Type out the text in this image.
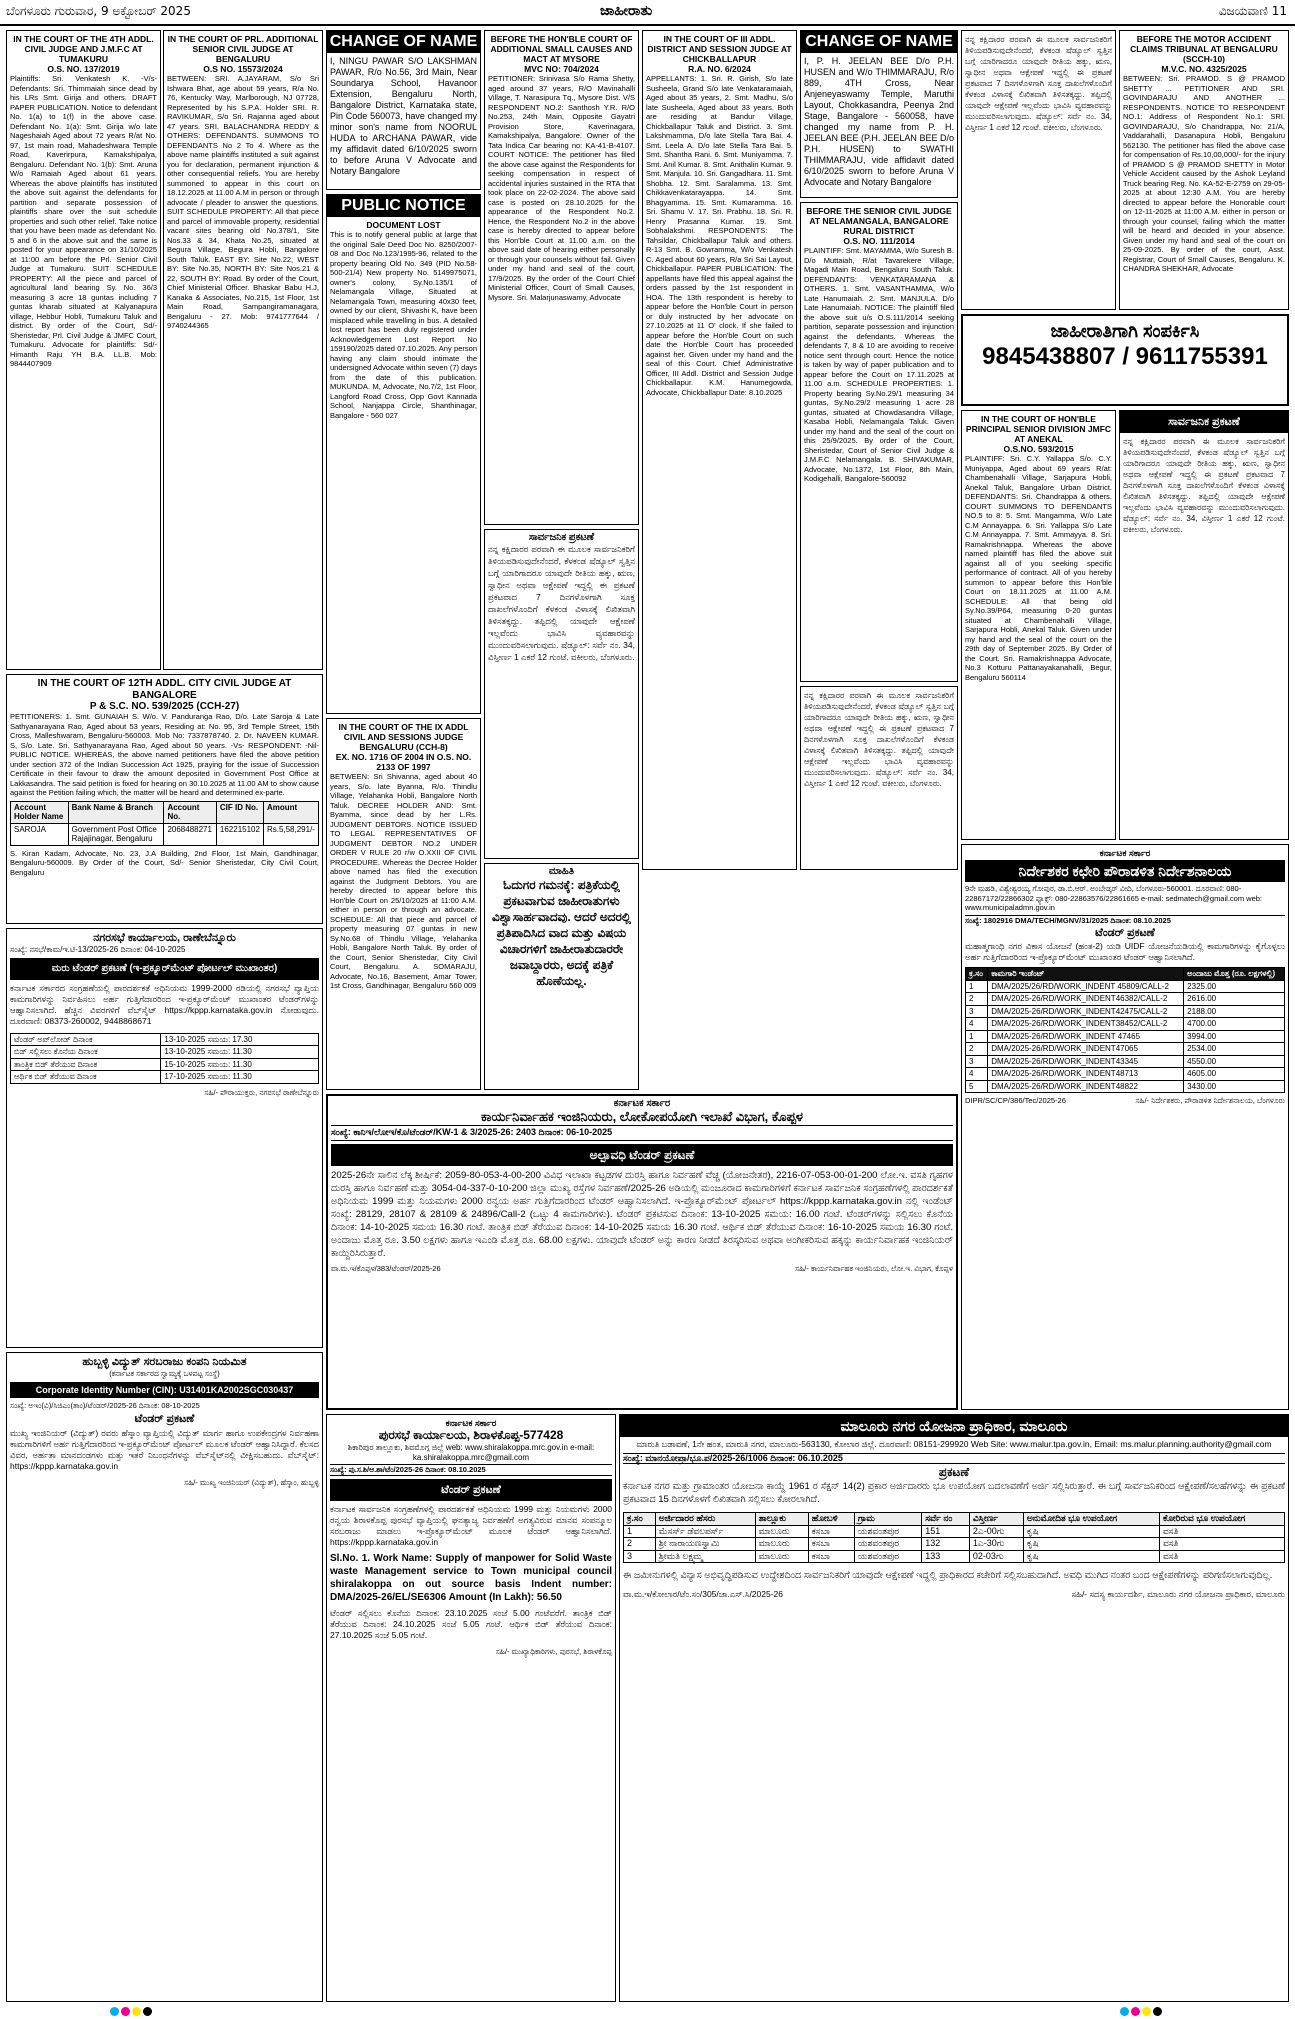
ಬೆಂಗಳೂರು ಗುರುವಾರ, 9 ಅಕ್ಟೋಬರ್ 2025	ಜಾಹೀರಾತು	ವಿಜಯವಾಣಿ 11
IN THE COURT OF THE 4TH ADDL. CIVIL JUDGE AND J.M.F.C AT TUMAKURU
O.S. NO. 137/2019
Plaintiffs: Sri. Venkatesh K. -V/s- Defendants: Sri. Thimmaiah since dead by his LRs Smt. Girija and others. DRAFT PAPER PUBLICATION. Notice to defendant No. 1(a) to 1(f) in the above case. Defendant No. 1(a): Smt. Girija w/o late Nageshaiah Aged about 72 years R/at No. 97, 1st main road, Mahadeshwara Temple Road, Kaverirpura, Kamakshipalya, Bengaluru. Defendant No. 1(b): Smt. Aruna W/o Ramaiah Aged about 61 years. Whereas the above plaintiffs has instituted the above suit against the defendants for partition and separate possession of plaintiffs share over the suit schedule properties and such other relief. Take notice that you have been made as defendant No. 5 and 6 in the above suit and the same is posted for your appearance on 31/10/2025 at 11:00 am before the Prl. Senior Civil Judge at Tumakuru. SUIT SCHEDULE PROPERTY: All the piece and parcel of agricultural land bearing Sy. No. 36/3 measuring 3 acre 18 guntas including 7 guntas kharab situated at Kalyanapura village, Hebbur Hobli, Tumakuru Taluk and district. By order of the Court, Sd/- Sheristedar, Prl. Civil Judge & JMFC Court, Tumakuru. Advocate for plaintiffs: Sd/- Himanth Raju YH B.A. LL.B. Mob: 9844407909
IN THE COURT OF PRL. ADDITIONAL SENIOR CIVIL JUDGE AT BENGALURU
O.S NO. 15573/2024
BETWEEN: SRI. A.JAYARAM, S/o Sri Ishwara Bhat, age about 59 years, R/a No. 76, Kentucky Way, Marlborough, NJ 07728, Represented by his S.P.A. Holder SRI. R. RAVIKUMAR, S/o Sri. Rajanna aged about 47 years. SRI. BALACHANDRA REDDY & OTHERS: DEFENDANTS. SUMMONS TO DEFENDANTS No 2 To 4. Where as the above name plaintiffs instituted a suit against you for declaration, permanent injunction & other consequential reliefs. You are hereby summoned to appear in this court on 18.12.2025 at 11.00 A.M in person or through advocate / pleader to answer the questions. SUIT SCHEDULE PROPERTY: All that piece and parcel of immovable property, residential vacant sites bearing old No.378/1, Site Nos.33 & 34, Khata No.25, situated at Begura Village, Begura Hobli, Bangalore South Taluk. EAST BY: Site No.22, WEST BY: Site No.35, NORTH BY: Site Nos.21 & 22, SOUTH BY: Road. By order of the Court, Chief Ministerial Officer. Bhaskar Babu H.J, Kanaka & Associates, No.215, 1st Floor, 1st Main Road, Sampangiramanagara, Bengaluru - 27. Mob: 9741777644 / 9740244365
IN THE COURT OF 12TH ADDL. CITY CIVIL JUDGE AT BANGALORE
P & S.C. NO. 539/2025 (CCH-27)
PETITIONERS: 1. Smt. GUNAIAH S. W/o. V. Panduranga Rao, D/o. Late Saroja & Late Sathyanarayana Rao, Aged about 53 years, Residing at: No. 95, 3rd Temple Street, 15th Cross, Malleshwaram, Bengaluru-560003. Mob No: 7337878740. 2. Dr. NAVEEN KUMAR. S, S/o. Late. Sri. Sathyanarayana Rao, Aged about 50 years. -Vs- RESPONDENT: -Nil- PUBLIC NOTICE. WHEREAS, the above named petitioners have filed the above petition under section 372 of the Indian Succession Act 1925, praying for the issue of Succession Certificate in their favour to draw the amount deposited in Government Post Office at Lakkasandra. The said petition is fixed for hearing on 30.10.2025 at 11.00 AM to show cause against the Petition failing which, the matter will be heard and determined ex-parte.
Account Holder Name	Bank Name & Branch	Account No.	CIF ID No.	Amount
SAROJA	Government Post Office Rajajinagar, Bengaluru	2068488271	162215102	Rs.5,58,291/-
S. Kiran Kadam, Advocate, No. 23, J.A Building, 2nd Floor, 1st Main, Gandhinagar, Bengaluru-560009. By Order of the Court, Sd/- Senior Sheristedar, City Civil Court, Bengaluru
ನಗರಸಭೆ ಕಾರ್ಯಾಲಯ, ರಾಣೇಬೆನ್ನೂರು
ಸಂಖ್ಯೆ: ನಸಭೆ/ಕಾಮ/ಇ.ಟಿ-13/2025-26 ದಿನಾಂಕ: 04-10-2025
ಮರು ಟೆಂಡರ್ ಪ್ರಕಟಣೆ (ಇ-ಪ್ರಕ್ಯೂರ್‌ಮೆಂಟ್ ಪೋರ್ಟಲ್ ಮುಖಾಂತರ)
ಕರ್ನಾಟಕ ಸರ್ಕಾರದ ಸಂಗ್ರಹಣೆಯಲ್ಲಿ ಪಾರದರ್ಶಕತೆ ಅಧಿನಿಯಮ 1999-2000 ರಡಿಯಲ್ಲಿ ನಗರಸಭೆ ವ್ಯಾಪ್ತಿಯ ಕಾಮಗಾರಿಗಳನ್ನು ನಿರ್ವಹಿಸಲು ಅರ್ಹ ಗುತ್ತಿಗೆದಾರರಿಂದ ಇ-ಪ್ರಕ್ಯೂರ್‌ಮೆಂಟ್ ಮುಖಾಂತರ ಟೆಂಡರ್‌ಗಳನ್ನು ಆಹ್ವಾನಿಸಲಾಗಿದೆ. ಹೆಚ್ಚಿನ ವಿವರಗಳಿಗೆ ವೆಬ್‌ಸೈಟ್ https://kppp.karnataka.gov.in ನೋಡುವುದು. ದೂರವಾಣಿ: 08373-260002, 9448868671
ಟೆಂಡರ್ ಅಪ್‌ಲೋಡ್ ದಿನಾಂಕ	13-10-2025 ಸಮಯ: 17.30
ಬಿಡ್ ಸಲ್ಲಿಸಲು ಕೊನೆಯ ದಿನಾಂಕ	13-10-2025 ಸಮಯ: 11.30
ತಾಂತ್ರಿಕ ಬಿಡ್ ತೆರೆಯುವ ದಿನಾಂಕ	15-10-2025 ಸಮಯ: 11.30
ಆರ್ಥಿಕ ಬಿಡ್ ತೆರೆಯುವ ದಿನಾಂಕ	17-10-2025 ಸಮಯ: 11.30
ಸಹಿ/- ಪೌರಾಯುಕ್ತರು, ನಗರಸಭೆ ರಾಣೇಬೆನ್ನೂರು
ಹುಬ್ಬಳ್ಳಿ ವಿದ್ಯುತ್ ಸರಬರಾಜು ಕಂಪನಿ ನಿಯಮಿತ
(ಕರ್ನಾಟಕ ಸರ್ಕಾರದ ಸ್ವಾಮ್ಯಕ್ಕೆ ಒಳಪಟ್ಟ ಸಂಸ್ಥೆ)
Corporate Identity Number (CIN): U31401KA2002SGC030437
ಸಂಖ್ಯೆ: ಅಇಂ(ವಿ)/ಸಿಜಿಎಂ(ತಾಂ)/ಟೆಂಡರ್/2025-26 ದಿನಾಂಕ: 08-10-2025
ಟೆಂಡರ್ ಪ್ರಕಟಣೆ
ಮುಖ್ಯ ಇಂಜಿನಿಯರ್ (ವಿದ್ಯುತ್) ರವರು ಹೆಸ್ಕಾಂ ವ್ಯಾಪ್ತಿಯಲ್ಲಿ ವಿದ್ಯುತ್ ಮಾರ್ಗ ಹಾಗೂ ಉಪಕೇಂದ್ರಗಳ ನಿರ್ವಹಣಾ ಕಾಮಗಾರಿಗಳಿಗೆ ಅರ್ಹ ಗುತ್ತಿಗೆದಾರರಿಂದ ಇ-ಪ್ರಕ್ಯೂರ್‌ಮೆಂಟ್ ಪೋರ್ಟಲ್ ಮೂಲಕ ಟೆಂಡರ್ ಆಹ್ವಾನಿಸಿದ್ದಾರೆ. ಕೆಲಸದ ವಿವರ, ಅರ್ಹತಾ ಮಾನದಂಡಗಳು ಮತ್ತು ಇತರೆ ನಿಬಂಧನೆಗಳನ್ನು ವೆಬ್‌ಸೈಟ್‌ನಲ್ಲಿ ವೀಕ್ಷಿಸಬಹುದು. ವೆಬ್‌ಸೈಟ್: https://kppp.karnataka.gov.in
ಸಹಿ/- ಮುಖ್ಯ ಇಂಜಿನಿಯರ್ (ವಿದ್ಯುತ್), ಹೆಸ್ಕಾಂ, ಹುಬ್ಬಳ್ಳಿ
CHANGE OF NAME
I, NINGU PAWAR S/O LAKSHMAN PAWAR, R/o No.56, 3rd Main, Near Soundarya School, Havanoor Extension, Bengaluru North, Bangalore District, Karnataka state, Pin Code 560073, have changed my minor son's name from NOORUL HUDA to ARCHANA PAWAR, vide my affidavit dated 6/10/2025 sworn to before Aruna V Advocate and Notary Bangalore
PUBLIC NOTICE
DOCUMENT LOST
This is to notify general public at large that the original Sale Deed Doc No. 8250/2007-08 and Doc No.123/1995-96, related to the property bearing Old No. 349 (PID No.58-500-21/4) New property No. 5149975071, owner's colony, Sy.No.135/1 of Nelamangala Village, Situated at Nelamangala Town, measuring 40x30 feet, owned by our client, Shivashi K, have been misplaced while travelling in bus. A detailed lost report has been duly registered under Acknowledgement Lost Report No 159190/2025 dated 07.10.2025. Any person having any claim should intimate the undersigned Advocate within seven (7) days from the date of this publication. MUKUNDA. M, Advocate, No.7/2, 1st Floor, Langford Road Cross, Opp Govt Kannada School, Nanjappa Circle, Shanthinagar, Bangalore - 560 027
IN THE COURT OF THE IX ADDL CIVIL AND SESSIONS JUDGE BENGALURU (CCH-8)
EX. NO. 1716 OF 2004 IN O.S. NO. 2133 OF 1997
BETWEEN: Sri Shivanna, aged about 40 years, S/o. late Byanna, R/o. Thindlu Village, Yelahanka Hobli, Bangalore North Taluk. DECREE HOLDER AND: Smt. Byamma, since dead by her L.Rs. JUDGMENT DEBTORS. NOTICE ISSUED TO LEGAL REPRESENTATIVES OF JUDGMENT DEBTOR NO.2 UNDER ORDER V RULE 20 r/w O.XXII OF CIVIL PROCEDURE. Whereas the Decree Holder above named has filed the execution against the Judgment Debtors. You are hereby directed to appear before this Hon'ble Court on 25/10/2025 at 11:00 A.M. either in person or through an advocate. SCHEDULE: All that piece and parcel of property measuring 07 guntas in new Sy.No.68 of Thindlu Village, Yelahanka Hobli, Bangalore North Taluk. By order of the Court, Senior Sheristedar, City Civil Court, Bengaluru. A. SOMARAJU, Advocate, No.16, Basement, Amar Tower, 1st Cross, Gandhinagar, Bengaluru 560 009
BEFORE THE HON'BLE COURT OF ADDITIONAL SMALL CAUSES AND MACT AT MYSORE
MVC NO: 704/2024
PETITIONER: Srinivasa S/o Rama Shetty, aged around 37 years, R/O Mavinahalli Village, T. Narasipura Tq., Mysore Dist. V/S RESPONDENT NO.2: Santhosh Y.R. R/O No.253, 24th Main, Opposite Gayatri Provision Store, Kaverinagara, Kamakshipalya, Bangalore. Owner of the Tata Indica Car bearing no: KA-41-B-4107. COURT NOTICE: The petitioner has filed the above case against the Respondents for seeking compensation in respect of accidental injuries sustained in the RTA that took place on 22-02-2024. The above said case is posted on 28.10.2025 for the appearance of the Respondent No.2. Hence, the Respondent No.2 in the above case is hereby directed to appear before this Hon'ble Court at 11.00 a.m. on the above said date of hearing either personally or through your counsels without fail. Given under my hand and seal of the court, 17/9/2025. By the order of the Court Chief Ministerial Officer, Court of Small Causes, Mysore. Sri. Malarjunaswamy, Advocate
ಸಾರ್ವಜನಿಕ ಪ್ರಕಟಣೆ
ನನ್ನ ಕಕ್ಷಿದಾರರ ಪರವಾಗಿ ಈ ಮೂಲಕ ಸಾರ್ವಜನಿಕರಿಗೆ ತಿಳಿಯಪಡಿಸುವುದೇನೆಂದರೆ, ಕೆಳಕಂಡ ಷೆಡ್ಯೂಲ್ ಸ್ವತ್ತಿನ ಬಗ್ಗೆ ಯಾರಿಗಾದರೂ ಯಾವುದೇ ರೀತಿಯ ಹಕ್ಕು, ಋಣ, ಸ್ವಾಧೀನ ಅಥವಾ ಆಕ್ಷೇಪಣೆ ಇದ್ದಲ್ಲಿ ಈ ಪ್ರಕಟಣೆ ಪ್ರಕಟವಾದ 7 ದಿನಗಳೊಳಗಾಗಿ ಸೂಕ್ತ ದಾಖಲೆಗಳೊಂದಿಗೆ ಕೆಳಕಂಡ ವಿಳಾಸಕ್ಕೆ ಲಿಖಿತವಾಗಿ ತಿಳಿಸತಕ್ಕದ್ದು. ತಪ್ಪಿದಲ್ಲಿ ಯಾವುದೇ ಆಕ್ಷೇಪಣೆ ಇಲ್ಲವೆಂದು ಭಾವಿಸಿ ವ್ಯವಹಾರವನ್ನು ಮುಂದುವರಿಸಲಾಗುವುದು. ಷೆಡ್ಯೂಲ್: ಸರ್ವೆ ನಂ. 34, ವಿಸ್ತೀರ್ಣ 1 ಎಕರೆ 12 ಗುಂಟೆ. ವಕೀಲರು, ಬೆಂಗಳೂರು.
ಮಾಹಿತಿ
ಓದುಗರ ಗಮನಕ್ಕೆ: ಪತ್ರಿಕೆಯಲ್ಲಿ ಪ್ರಕಟವಾಗುವ ಜಾಹೀರಾತುಗಳು ವಿಶ್ವಾಸಾರ್ಹವಾದವು. ಆದರೆ ಅದರಲ್ಲಿ ಪ್ರತಿಪಾದಿಸಿದ ವಾದ ಮತ್ತು ವಿಷಯ ವಿಚಾರಗಳಿಗೆ ಜಾಹೀರಾತುದಾರರೇ ಜವಾಬ್ದಾರರು, ಅದಕ್ಕೆ ಪತ್ರಿಕೆ ಹೊಣೆಯಲ್ಲ.
IN THE COURT OF III ADDL. DISTRICT AND SESSION JUDGE AT CHICKBALLAPUR
R.A. NO. 6/2024
APPELLANTS: 1. Sri. R. Girish, S/o late Susheela, Grand S/o late Venkataramaiah, Aged about 35 years, 2. Smt. Madhu, S/o late Susheela, Aged about 33 years. Both are residing at Bandur Village, Chickballapur Taluk and District. 3. Smt. Lakshmamma, D/o late Stella Tara Bai. 4. Smt. Leela A. D/o late Stella Tara Bai. 5. Smt. Shantha Rani. 6. Smt. Muniyamma. 7. Smt. Anil Kumar. 8. Smt. Anithalin Kumar. 9. Smt. Manjula. 10. Sri. Gangadhara. 11. Smt. Shobha. 12. Smt. Saralamma. 13. Smt. Chikkavenkatarayappa. 14. Smt. Bhagyamma. 15. Smt. Kumaramma. 16. Sri. Shamu V. 17. Sri. Prabhu. 18. Sri. R. Henry Prasanna Kumar. 19. Smt. Sobhalakshmi. RESPONDENTS: The Tahsildar, Chickballapur Taluk and others. R-13 Smt. B. Gowramma, W/o Venkatesh C. Aged about 60 years, R/a Sri Sai Layout, Chickballapur. PAPER PUBLICATION: The appellants have filed this appeal against the orders passed by the 1st respondent in HOA. The 13th respondent is hereby to appear before the Hon'ble Court in person or duly instructed by her advocate on 27.10.2025 at 11 O' clock. If she failed to appear before the Hon'ble Court on such date the Hon'ble Court has proceeded against her. Given under my hand and the seal of this Court. Chief Administrative Officer, III Addl. District and Session Judge Chickballapur. K.M. Hanumegowda, Advocate, Chickballapur Date: 8.10.2025
CHANGE OF NAME
I, P. H. JEELAN BEE D/o P.H. HUSEN and W/o THIMMARAJU, R/o 889, 4TH Cross, Near Anjeneyaswamy Temple, Maruthi Layout, Chokkasandra, Peenya 2nd Stage, Bangalore - 560058, have changed my name from P. H. JEELAN BEE (P.H. JEELAN BEE D/o P.H. HUSEN) to SWATHI THIMMARAJU, vide affidavit dated 6/10/2025 sworn to before Aruna V Advocate and Notary Bangalore
BEFORE THE SENIOR CIVIL JUDGE AT NELAMANGALA, BANGALORE RURAL DISTRICT
O.S. NO. 111/2014
PLAINTIFF: Smt. MAYAMMA, W/o Suresh B. D/o Muttaiah, R/at Tavarekere Village, Magadi Main Road, Bengaluru South Taluk. DEFENDANTS: VENKATARAMANA & OTHERS. 1. Smt. VASANTHAMMA, W/o Late Hanumaiah. 2. Smt. MANJULA. D/o Late Hanumaiah. NOTICE: The plaintiff filed the above suit u/s O.S.111/2014 seeking partition, separate possession and injunction against the defendants. Whereas the defendants 7, 8 & 10 are avoiding to receive notice sent through court. Hence the notice is taken by way of paper publication and to appear before the Court on 17.11.2025 at 11.00 a.m. SCHEDULE PROPERTIES: 1. Property bearing Sy.No.29/1 measuring 34 guntas, Sy.No.29/2 measuring 1 acre 28 guntas, situated at Chowdasandra Village, Kasaba Hobli, Nelamangala Taluk. Given under my hand and the seal of the court on this 25/9/2025. By order of the Court, Sheristedar, Court of Senior Civil Judge & J.M.F.C Nelamangala. B. SHIVAKUMAR, Advocate, No.1372, 1st Floor, 8th Main, Kodigehalli, Bangalore-560092
ನನ್ನ ಕಕ್ಷಿದಾರರ ಪರವಾಗಿ ಈ ಮೂಲಕ ಸಾರ್ವಜನಿಕರಿಗೆ ತಿಳಿಯಪಡಿಸುವುದೇನೆಂದರೆ, ಕೆಳಕಂಡ ಷೆಡ್ಯೂಲ್ ಸ್ವತ್ತಿನ ಬಗ್ಗೆ ಯಾರಿಗಾದರೂ ಯಾವುದೇ ರೀತಿಯ ಹಕ್ಕು, ಋಣ, ಸ್ವಾಧೀನ ಅಥವಾ ಆಕ್ಷೇಪಣೆ ಇದ್ದಲ್ಲಿ ಈ ಪ್ರಕಟಣೆ ಪ್ರಕಟವಾದ 7 ದಿನಗಳೊಳಗಾಗಿ ಸೂಕ್ತ ದಾಖಲೆಗಳೊಂದಿಗೆ ಕೆಳಕಂಡ ವಿಳಾಸಕ್ಕೆ ಲಿಖಿತವಾಗಿ ತಿಳಿಸತಕ್ಕದ್ದು. ತಪ್ಪಿದಲ್ಲಿ ಯಾವುದೇ ಆಕ್ಷೇಪಣೆ ಇಲ್ಲವೆಂದು ಭಾವಿಸಿ ವ್ಯವಹಾರವನ್ನು ಮುಂದುವರಿಸಲಾಗುವುದು. ಷೆಡ್ಯೂಲ್: ಸರ್ವೆ ನಂ. 34, ವಿಸ್ತೀರ್ಣ 1 ಎಕರೆ 12 ಗುಂಟೆ. ವಕೀಲರು, ಬೆಂಗಳೂರು.
ನನ್ನ ಕಕ್ಷಿದಾರರ ಪರವಾಗಿ ಈ ಮೂಲಕ ಸಾರ್ವಜನಿಕರಿಗೆ ತಿಳಿಯಪಡಿಸುವುದೇನೆಂದರೆ, ಕೆಳಕಂಡ ಷೆಡ್ಯೂಲ್ ಸ್ವತ್ತಿನ ಬಗ್ಗೆ ಯಾರಿಗಾದರೂ ಯಾವುದೇ ರೀತಿಯ ಹಕ್ಕು, ಋಣ, ಸ್ವಾಧೀನ ಅಥವಾ ಆಕ್ಷೇಪಣೆ ಇದ್ದಲ್ಲಿ ಈ ಪ್ರಕಟಣೆ ಪ್ರಕಟವಾದ 7 ದಿನಗಳೊಳಗಾಗಿ ಸೂಕ್ತ ದಾಖಲೆಗಳೊಂದಿಗೆ ಕೆಳಕಂಡ ವಿಳಾಸಕ್ಕೆ ಲಿಖಿತವಾಗಿ ತಿಳಿಸತಕ್ಕದ್ದು. ತಪ್ಪಿದಲ್ಲಿ ಯಾವುದೇ ಆಕ್ಷೇಪಣೆ ಇಲ್ಲವೆಂದು ಭಾವಿಸಿ ವ್ಯವಹಾರವನ್ನು ಮುಂದುವರಿಸಲಾಗುವುದು. ಷೆಡ್ಯೂಲ್: ಸರ್ವೆ ನಂ. 34, ವಿಸ್ತೀರ್ಣ 1 ಎಕರೆ 12 ಗುಂಟೆ. ವಕೀಲರು, ಬೆಂಗಳೂರು.
BEFORE THE MOTOR ACCIDENT CLAIMS TRIBUNAL AT BENGALURU (SCCH-10)
M.V.C. NO. 4325/2025
BETWEEN: Sri. PRAMOD. S @ PRAMOD SHETTY ... PETITIONER AND SRI. GOVINDARAJU AND ANOTHER ... RESPONDENTS. NOTICE TO RESPONDENT NO.1: Address of Respondent No.1: SRI. GOVINDARAJU, S/o Chandrappa, No: 21/A, Vaddarahalli, Dasanapura Hobli, Bengaluru 562130. The petitioner has filed the above case for compensation of Rs.10,00,000/- for the injury of PRAMOD S @ PRAMOD SHETTY in Motor Vehicle Accident caused by the Ashok Leyland Truck bearing Reg. No. KA-52-E-2759 on 29-05-2025 at about 12:30 A.M. You are hereby directed to appear before the Honorable court on 12-11-2025 at 11:00 A.M. either in person or through your counsel, failing which the matter will be heard and decided in your absence. Given under my hand and seal of the court on 25-09-2025. By order of the court, Asst. Registrar, Court of Small Causes, Bengaluru. K. CHANDRA SHEKHAR, Advocate
ಜಾಹೀರಾತಿಗಾಗಿ ಸಂಪರ್ಕಿಸಿ
9845438807 / 9611755391
IN THE COURT OF HON'BLE PRINCIPAL SENIOR DIVISION JMFC AT ANEKAL
O.S.NO. 593/2015
PLAINTIFF: Sri. C.Y. Yallappa S/o. C.Y. Muniyappa, Aged about 69 years R/at: Chambenahalli Village, Sarjapura Hobli, Anekal Taluk, Bangalore Urban District. DEFENDANTS: Sri. Chandrappa & others. COURT SUMMONS TO DEFENDANTS NO.5 to 8: 5. Smt. Mangamma, W/o Late C.M Annayappa. 6. Sri. Yallappa S/o Late C.M Annayappa. 7. Smt. Ammayya. 8. Sri. Ramakrishnappa. Whereas the above named plaintiff has filed the above suit against all of you seeking specific performance of contract. All of you hereby summon to appear before this Hon'ble Court on 18.11.2025 at 11.00 A.M. SCHEDULE: All that being old Sy.No.39/P64, measuring 0-20 guntas situated at Chambenahalli Village, Sarjapura Hobli, Anekal Taluk. Given under my hand and the seal of the court on the 29th day of September 2025. By Order of the Court. Sri. Ramakrishnappa Advocate, No.3 Kotturu Pattanayakanahalli, Begur, Bengaluru 560114
ಸಾರ್ವಜನಿಕ ಪ್ರಕಟಣೆ
ನನ್ನ ಕಕ್ಷಿದಾರರ ಪರವಾಗಿ ಈ ಮೂಲಕ ಸಾರ್ವಜನಿಕರಿಗೆ ತಿಳಿಯಪಡಿಸುವುದೇನೆಂದರೆ, ಕೆಳಕಂಡ ಷೆಡ್ಯೂಲ್ ಸ್ವತ್ತಿನ ಬಗ್ಗೆ ಯಾರಿಗಾದರೂ ಯಾವುದೇ ರೀತಿಯ ಹಕ್ಕು, ಋಣ, ಸ್ವಾಧೀನ ಅಥವಾ ಆಕ್ಷೇಪಣೆ ಇದ್ದಲ್ಲಿ ಈ ಪ್ರಕಟಣೆ ಪ್ರಕಟವಾದ 7 ದಿನಗಳೊಳಗಾಗಿ ಸೂಕ್ತ ದಾಖಲೆಗಳೊಂದಿಗೆ ಕೆಳಕಂಡ ವಿಳಾಸಕ್ಕೆ ಲಿಖಿತವಾಗಿ ತಿಳಿಸತಕ್ಕದ್ದು. ತಪ್ಪಿದಲ್ಲಿ ಯಾವುದೇ ಆಕ್ಷೇಪಣೆ ಇಲ್ಲವೆಂದು ಭಾವಿಸಿ ವ್ಯವಹಾರವನ್ನು ಮುಂದುವರಿಸಲಾಗುವುದು. ಷೆಡ್ಯೂಲ್: ಸರ್ವೆ ನಂ. 34, ವಿಸ್ತೀರ್ಣ 1 ಎಕರೆ 12 ಗುಂಟೆ. ವಕೀಲರು, ಬೆಂಗಳೂರು.
ಕರ್ನಾಟಕ ಸರ್ಕಾರ
ಕಾರ್ಯನಿರ್ವಾಹಕ ಇಂಜಿನಿಯರು, ಲೋಕೋಪಯೋಗಿ ಇಲಾಖೆ ವಿಭಾಗ, ಕೊಪ್ಪಳ
ಸಂಖ್ಯೆ: ಕಾನಿಇ/ಲೋಇ/ಕೊ/ಟೆಂಡರ್/KW-1 & 3/2025-26: 2403 ದಿನಾಂಕ: 06-10-2025
ಅಲ್ಪಾವಧಿ ಟೆಂಡರ್ ಪ್ರಕಟಣೆ
2025-26ನೇ ಸಾಲಿನ ಲೆಕ್ಕ ಶೀರ್ಷಿಕೆ: 2059-80-053-4-00-200 ವಿವಿಧ ಇಲಾಖಾ ಕಟ್ಟಡಗಳ ದುರಸ್ತಿ ಹಾಗೂ ನಿರ್ವಹಣೆ ವೆಚ್ಚ (ಯೋಜನೇತರ), 2216-07-053-00-01-200 ಲೋ.ಇ. ವಸತಿ ಗೃಹಗಳ ದುರಸ್ತಿ ಹಾಗೂ ನಿರ್ವಹಣೆ ಮತ್ತು 3054-04-337-0-10-200 ಜಿಲ್ಲಾ ಮುಖ್ಯ ರಸ್ತೆಗಳ ನಿರ್ವಹಣೆ/2025-26 ಅಡಿಯಲ್ಲಿ ಮಂಜೂರಾದ ಕಾಮಗಾರಿಗಳಿಗೆ ಕರ್ನಾಟಕ ಸಾರ್ವಜನಿಕ ಸಂಗ್ರಹಣೆಗಳಲ್ಲಿ ಪಾರದರ್ಶಕತೆ ಅಧಿನಿಯಮ 1999 ಮತ್ತು ನಿಯಮಗಳು 2000 ರನ್ವಯ ಅರ್ಹ ಗುತ್ತಿಗೆದಾರರಿಂದ ಟೆಂಡರ್ ಆಹ್ವಾನಿಸಲಾಗಿದೆ. ಇ-ಪ್ರೊಕ್ಯೂರ್‌ಮೆಂಟ್ ಪೋರ್ಟಲ್ https://kppp.karnataka.gov.in ನಲ್ಲಿ ಇಂಡೆಂಟ್ ಸಂಖ್ಯೆ: 28129, 28107 & 28109 & 24896/Call-2 (ಒಟ್ಟು 4 ಕಾಮಗಾರಿಗಳು). ಟೆಂಡರ್ ಪ್ರಕಟಿಸುವ ದಿನಾಂಕ: 13-10-2025 ಸಮಯ: 16.00 ಗಂಟೆ. ಟೆಂಡರ್‌ಗಳನ್ನು ಸಲ್ಲಿಸಲು ಕೊನೆಯ ದಿನಾಂಕ: 14-10-2025 ಸಮಯ 16.30 ಗಂಟೆ. ತಾಂತ್ರಿಕ ಬಿಡ್ ತೆರೆಯುವ ದಿನಾಂಕ: 14-10-2025 ಸಮಯ 16.30 ಗಂಟೆ. ಆರ್ಥಿಕ ಬಿಡ್ ತೆರೆಯುವ ದಿನಾಂಕ: 16-10-2025 ಸಮಯ 16.30 ಗಂಟೆ. ಅಂದಾಜು ಮೊತ್ತ ರೂ. 3.50 ಲಕ್ಷಗಳು ಹಾಗೂ ಇಎಂಡಿ ಮೊತ್ತ ರೂ. 68.00 ಲಕ್ಷಗಳು. ಯಾವುದೇ ಟೆಂಡರ್ ಅನ್ನು ಕಾರಣ ನೀಡದೆ ತಿರಸ್ಕರಿಸುವ ಅಥವಾ ಅಂಗೀಕರಿಸುವ ಹಕ್ಕನ್ನು ಕಾರ್ಯನಿರ್ವಾಹಕ ಇಂಜಿನಿಯರ್ ಕಾಯ್ದಿರಿಸಿರುತ್ತಾರೆ.
ವಾ.ಮ.ಇ/ಕೊಪ್ಪಳ/383/ಟೆಂಡರ್/2025-26	ಸಹಿ/- ಕಾರ್ಯನಿರ್ವಾಹಕ ಇಂಜಿನಿಯರು, ಲೋ.ಇ. ವಿಭಾಗ, ಕೊಪ್ಪಳ
ಕರ್ನಾಟಕ ಸರ್ಕಾರ
ನಿರ್ದೇಶಕರ ಕಛೇರಿ ಪೌರಾಡಳಿತ ನಿರ್ದೇಶನಾಲಯ
9ನೇ ಮಹಡಿ, ವಿಶ್ವೇಶ್ವರಯ್ಯ ಗೋಪುರ, ಡಾ.ಬಿ.ಆರ್. ಅಂಬೇಡ್ಕರ್ ವೀದಿ, ಬೆಂಗಳೂರು-560001. ದೂರವಾಣಿ: 080-22867172/22866302 ಫ್ಯಾಕ್ಸ್: 080-22863576/22861665 e-mail: sedmatech@gmail.com web: www.municipaladmn.gov.in
ಸಂಖ್ಯೆ: 1802916 DMA/TECH/MGNV/31/2025 ದಿನಾಂಕ: 08.10.2025
ಟೆಂಡರ್ ಪ್ರಕಟಣೆ
ಮಹಾತ್ಮಗಾಂಧಿ ನಗರ ವಿಕಾಸ ಯೋಜನೆ (ಹಂತ-2) ಯಡಿ UIDF ಯೋಜನೆಯಡಿಯಲ್ಲಿ ಕಾಮಗಾರಿಗಳನ್ನು ಕೈಗೊಳ್ಳಲು ಅರ್ಹ ಗುತ್ತಿಗೆದಾರರಿಂದ ಇ-ಪ್ರೊಕ್ಯೂರ್‌ಮೆಂಟ್ ಮುಖಾಂತರ ಟೆಂಡರ್ ಆಹ್ವಾನಿಸಲಾಗಿದೆ.
ಕ್ರ.ಸಂ	ಕಾಮಗಾರಿ ಇಂಡೆಂಟ್	ಅಂದಾಜು ಮೊತ್ತ (ರೂ. ಲಕ್ಷಗಳಲ್ಲಿ)
1	DMA/2025/26/RD/WORK_INDENT 45809/CALL-2	2325.00
2	DMA/2025-26/RD/WORK_INDENT46382/CALL-2	2616.00
3	DMA/2025-26/RD/WORK_INDENT42475/CALL-2	2188.00
4	DMA/2025-26/RD/WORK_INDENT38452/CALL-2	4700.00
1	DMA/2025-26/RD/WORK_INDENT 47465	3994.00
2	DMA/2025-26/RD/WORK_INDENT47065	2534.00
3	DMA/2025-26/RD/WORK_INDENT43345	4550.00
4	DMA/2025-26/RD/WORK_INDENT48713	4605.00
5	DMA/2025-26/RD/WORK_INDENT48822	3430.00
DIPR/SC/CP/386/Tec/2025-26	ಸಹಿ/- ನಿರ್ದೇಶಕರು, ಪೌರಾಡಳಿತ ನಿರ್ದೇಶನಾಲಯ, ಬೆಂಗಳೂರು
ಕರ್ನಾಟಕ ಸರ್ಕಾರ
ಪುರಸಭೆ ಕಾರ್ಯಾಲಯ, ಶಿರಾಳಕೊಪ್ಪ-577428
ಶಿಕಾರಿಪುರ ತಾಲ್ಲೂಕು, ಶಿವಮೊಗ್ಗ ಜಿಲ್ಲೆ web: www.shiralakoppa.mrc.gov.in e-mail: ka.shiralakoppa.mrc@gmail.com
ಸಂಖ್ಯೆ: ಪು.ಸ.ಶಿ/ಆ.ಶಾ/ಟೆಂ/2025-26 ದಿನಾಂಕ: 08.10.2025
ಟೆಂಡರ್ ಪ್ರಕಟಣೆ
ಕರ್ನಾಟಕ ಸಾರ್ವಜನಿಕ ಸಂಗ್ರಹಣೆಗಳಲ್ಲಿ ಪಾರದರ್ಶಕತೆ ಅಧಿನಿಯಮ 1999 ಮತ್ತು ನಿಯಮಗಳು 2000 ರನ್ವಯ ಶಿರಾಳಕೊಪ್ಪ ಪುರಸಭೆ ವ್ಯಾಪ್ತಿಯಲ್ಲಿ ಘನತ್ಯಾಜ್ಯ ನಿರ್ವಹಣೆಗೆ ಅಗತ್ಯವಿರುವ ಮಾನವ ಸಂಪನ್ಮೂಲ ಸರಬರಾಜು ಮಾಡಲು ಇ-ಪ್ರೊಕ್ಯೂರ್‌ಮೆಂಟ್ ಮೂಲಕ ಟೆಂಡರ್ ಆಹ್ವಾನಿಸಲಾಗಿದೆ. https://kppp.karnataka.gov.in
Sl.No. 1. Work Name: Supply of manpower for Solid Waste waste Management service to Town municipal council shiralakoppa on out source basis Indent number: DMA/2025-26/EL/SE6306 Amount (In Lakh): 56.50
ಟೆಂಡರ್ ಸಲ್ಲಿಸಲು ಕೊನೆಯ ದಿನಾಂಕ: 23.10.2025 ಸಂಜೆ 5.00 ಗಂಟೆವರೆಗೆ. ತಾಂತ್ರಿಕ ಬಿಡ್ ತೆರೆಯುವ ದಿನಾಂಕ: 24.10.2025 ಸಂಜೆ 5.05 ಗಂಟೆ. ಆರ್ಥಿಕ ಬಿಡ್ ತೆರೆಯುವ ದಿನಾಂಕ: 27.10.2025 ಸಂಜೆ 5.05 ಗಂಟೆ.
ಸಹಿ/- ಮುಖ್ಯಾಧಿಕಾರಿಗಳು, ಪುರಸಭೆ, ಶಿರಾಳಕೊಪ್ಪ
ಮಾಲೂರು ನಗರ ಯೋಜನಾ ಪ್ರಾಧಿಕಾರ, ಮಾಲೂರು
ಮಾರುತಿ ಬಡಾವಣೆ, 1ನೇ ಹಂತ, ಮಾರುತಿ ನಗರ, ಮಾಲೂರು-563130, ಕೋಲಾರ ಜಿಲ್ಲೆ. ದೂರವಾಣಿ: 08151-299920 Web Site: www.malur.tpa.gov.in, Email: ms.malur.planning.authority@gmail.com
ಸಂಖ್ಯೆ: ಮಾನಯೋಪ್ರಾ/ಭೂ.ಪ/2025-26/1006 ದಿನಾಂಕ: 06.10.2025
ಪ್ರಕಟಣೆ
ಕರ್ನಾಟಕ ನಗರ ಮತ್ತು ಗ್ರಾಮಾಂತರ ಯೋಜನಾ ಕಾಯ್ದೆ 1961 ರ ಸೆಕ್ಷನ್ 14(2) ಪ್ರಕಾರ ಅರ್ಜಿದಾರರು ಭೂ ಉಪಯೋಗ ಬದಲಾವಣೆಗೆ ಅರ್ಜಿ ಸಲ್ಲಿಸಿರುತ್ತಾರೆ. ಈ ಬಗ್ಗೆ ಸಾರ್ವಜನಿಕರಿಂದ ಆಕ್ಷೇಪಣೆ/ಸಲಹೆಗಳನ್ನು ಈ ಪ್ರಕಟಣೆ ಪ್ರಕಟವಾದ 15 ದಿನಗಳೊಳಗೆ ಲಿಖಿತವಾಗಿ ಸಲ್ಲಿಸಲು ಕೋರಲಾಗಿದೆ.
ಕ್ರ.ಸಂ	ಅರ್ಜಿದಾರರ ಹೆಸರು	ತಾಲ್ಲೂಕು	ಹೋಬಳಿ	ಗ್ರಾಮ	ಸರ್ವೆ ನಂ	ವಿಸ್ತೀರ್ಣ	ಅನುಮೋದಿತ ಭೂ ಉಪಯೋಗ	ಕೋರಿರುವ ಭೂ ಉಪಯೋಗ
1	ಮೆಸರ್ಸ್ ಡೆವಲಪರ್ಸ್	ಮಾಲೂರು	ಕಸಬಾ	ಯಶವಂತಪುರ	151	2ಎ-00ಗು	ಕೃಷಿ	ವಸತಿ
2	ಶ್ರೀ ನಾರಾಯಣಸ್ವಾಮಿ	ಮಾಲೂರು	ಕಸಬಾ	ಯಶವಂತಪುರ	132	1ಎ-30ಗು	ಕೃಷಿ	ವಸತಿ
3	ಶ್ರೀಮತಿ ಲಕ್ಷ್ಮಮ್ಮ	ಮಾಲೂರು	ಕಸಬಾ	ಯಶವಂತಪುರ	133	02-03ಗು	ಕೃಷಿ	ವಸತಿ
ಈ ಜಮೀನುಗಳಲ್ಲಿ ವಿನ್ಯಾಸ ಅಭಿವೃದ್ಧಿಪಡಿಸುವ ಉದ್ದೇಶದಿಂದ ಸಾರ್ವಜನಿಕರಿಗೆ ಯಾವುದೇ ಆಕ್ಷೇಪಣೆ ಇದ್ದಲ್ಲಿ ಪ್ರಾಧಿಕಾರದ ಕಚೇರಿಗೆ ಸಲ್ಲಿಸಬಹುದಾಗಿದೆ. ಅವಧಿ ಮುಗಿದ ನಂತರ ಬಂದ ಆಕ್ಷೇಪಣೆಗಳನ್ನು ಪರಿಗಣಿಸಲಾಗುವುದಿಲ್ಲ.
ವಾ.ಮ.ಇ/ಕೋಲಾರ/ಟೆಂ.ಸಂ/305/ಜಾ.ಎಸ್.ಸಿ/2025-26	ಸಹಿ/- ಸದಸ್ಯ ಕಾರ್ಯದರ್ಶಿ, ಮಾಲೂರು ನಗರ ಯೋಜನಾ ಪ್ರಾಧಿಕಾರ, ಮಾಲೂರು
